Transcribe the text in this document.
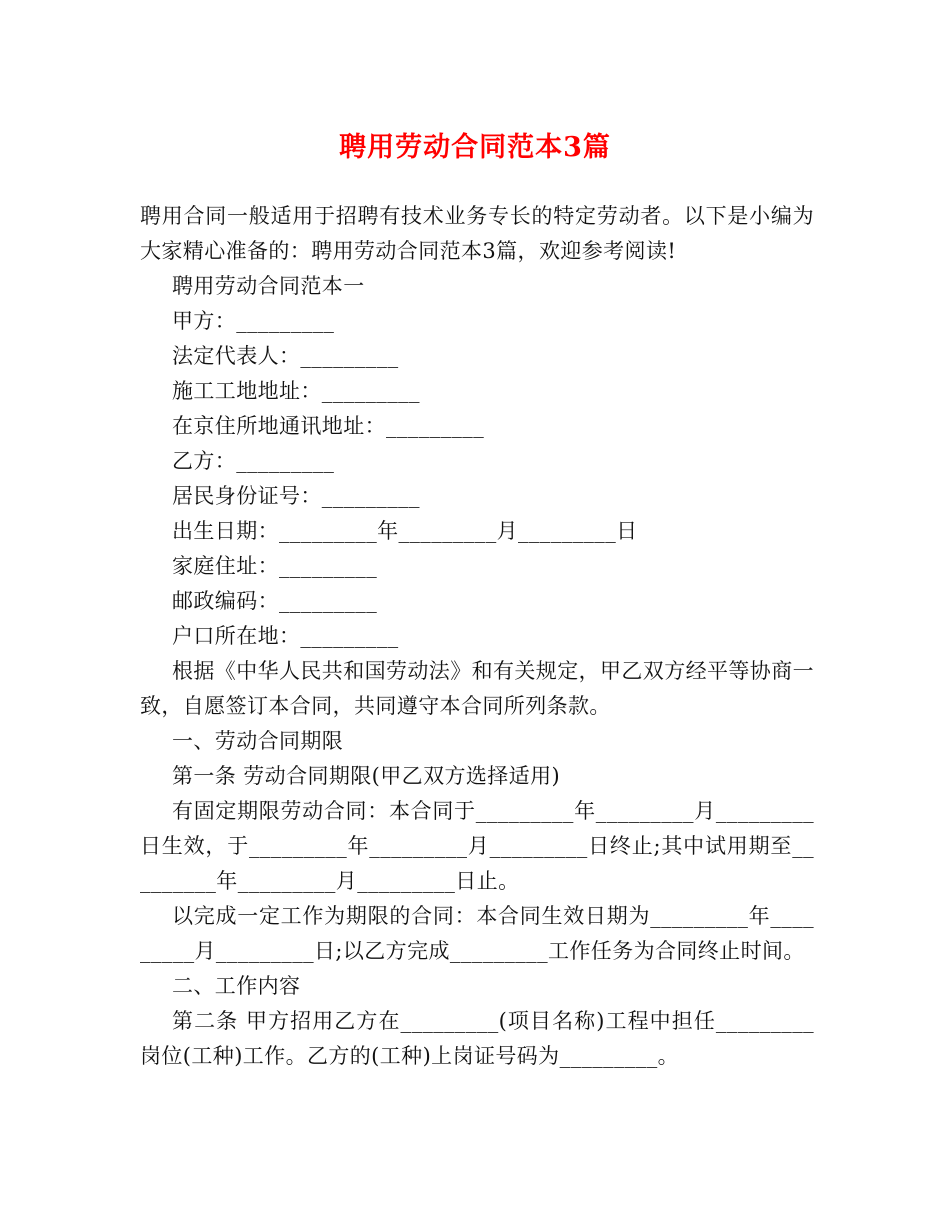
聘用劳动合同范本3篇

聘用合同一般适用于招聘有技术业务专长的特定劳动者。以下是小编为大家精心准备的：聘用劳动合同范本3篇，欢迎参考阅读!

聘用劳动合同范本一

甲方：_________

法定代表人：_________

施工工地地址：_________

在京住所地通讯地址：_________

乙方：_________

居民身份证号：_________

出生日期：_________年_________月_________日

家庭住址：_________

邮政编码：_________

户口所在地：_________

根据《中华人民共和国劳动法》和有关规定，甲乙双方经平等协商一致，自愿签订本合同，共同遵守本合同所列条款。

一、劳动合同期限

第一条 劳动合同期限(甲乙双方选择适用)

有固定期限劳动合同：本合同于_________年_________月_________日生效，于_________年_________月_________日终止;其中试用期至_________年_________月_________日止。

以完成一定工作为期限的合同：本合同生效日期为_________年_________月_________日;以乙方完成_________工作任务为合同终止时间。

二、工作内容

第二条 甲方招用乙方在_________(项目名称)工程中担任_________岗位(工种)工作。乙方的(工种)上岗证号码为_________。
